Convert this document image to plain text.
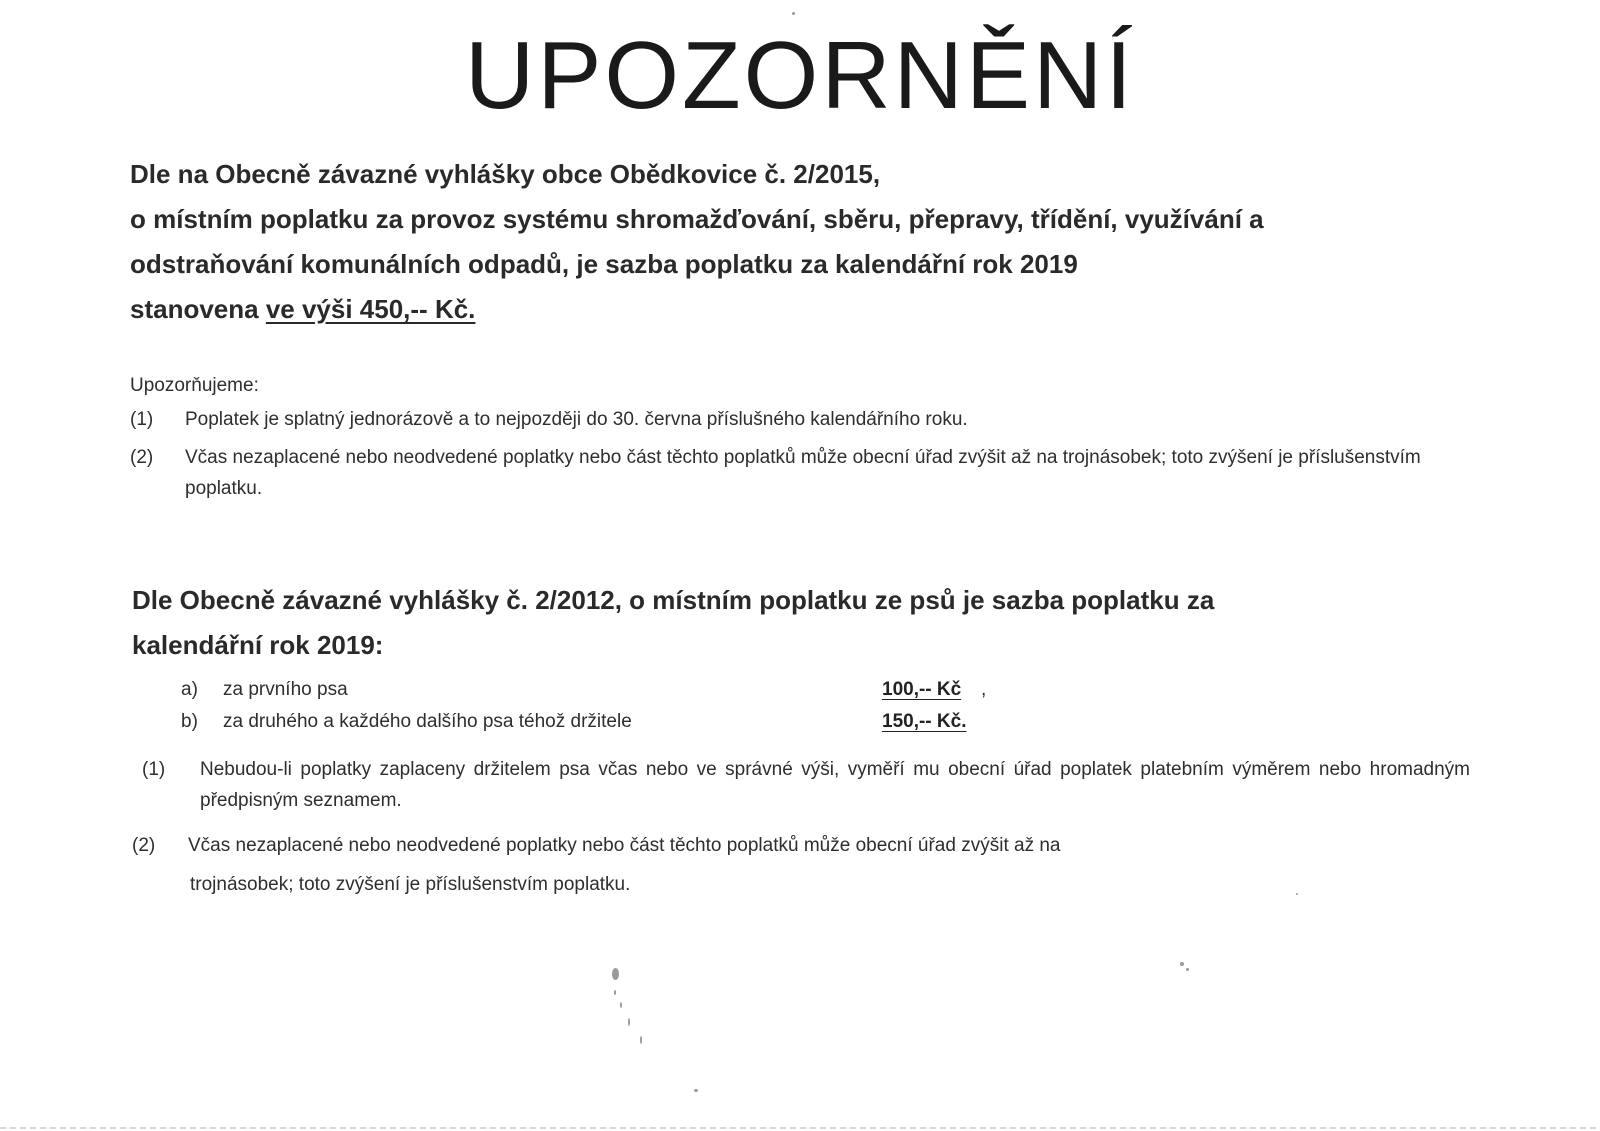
UPOZORNĚNÍ
Dle na Obecně závazné vyhlášky obce Obědkovice č. 2/2015,
o místním poplatku za provoz systému shromažďování, sběru, přepravy, třídění, využívání a
odstraňování komunálních odpadů, je sazba poplatku za kalendářní rok 2019
stanovena ve výši 450,-- Kč.
Upozorňujeme:
(1) Poplatek je splatný jednorázově a to nejpozději do 30. června příslušného kalendářního roku.
(2) Včas nezaplacené nebo neodvedené poplatky nebo část těchto poplatků může obecní úřad zvýšit až na trojnásobek; toto zvýšení je příslušenstvím poplatku.
Dle Obecně závazné vyhlášky č. 2/2012, o místním poplatku ze psů je sazba poplatku za
kalendářní rok 2019:
a) za prvního psa	100,-- Kč ,
b) za druhého a každého dalšího psa téhož držitele	150,-- Kč.
(1) Nebudou-li poplatky zaplaceny držitelem psa včas nebo ve správné výši, vyměří mu obecní úřad poplatek platebním výměrem nebo hromadným předpisným seznamem.
(2) Včas nezaplacené nebo neodvedené poplatky nebo část těchto poplatků může obecní úřad zvýšit až na
trojnásobek; toto zvýšení je příslušenstvím poplatku.
